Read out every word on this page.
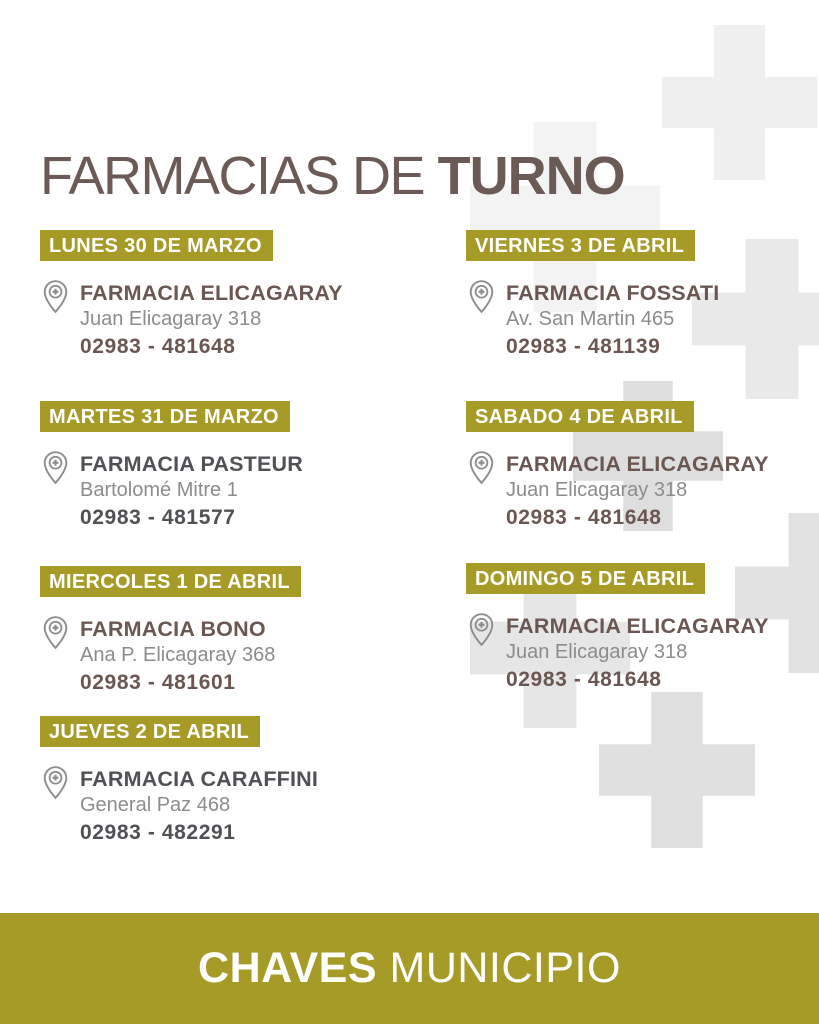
FARMACIAS DE TURNO
LUNES 30 DE MARZO
FARMACIA ELICAGARAY
Juan Elicagaray 318
02983 - 481648
MARTES 31 DE MARZO
FARMACIA PASTEUR
Bartolomé Mitre 1
02983 - 481577
MIERCOLES 1 DE ABRIL
FARMACIA BONO
Ana P. Elicagaray 368
02983 - 481601
JUEVES 2 DE ABRIL
FARMACIA CARAFFINI
General Paz 468
02983 - 482291
VIERNES 3 DE ABRIL
FARMACIA FOSSATI
Av. San Martin 465
02983 - 481139
SABADO 4 DE ABRIL
FARMACIA ELICAGARAY
Juan Elicagaray 318
02983 - 481648
DOMINGO 5 DE ABRIL
FARMACIA ELICAGARAY
Juan Elicagaray 318
02983 - 481648
CHAVES MUNICIPIO
